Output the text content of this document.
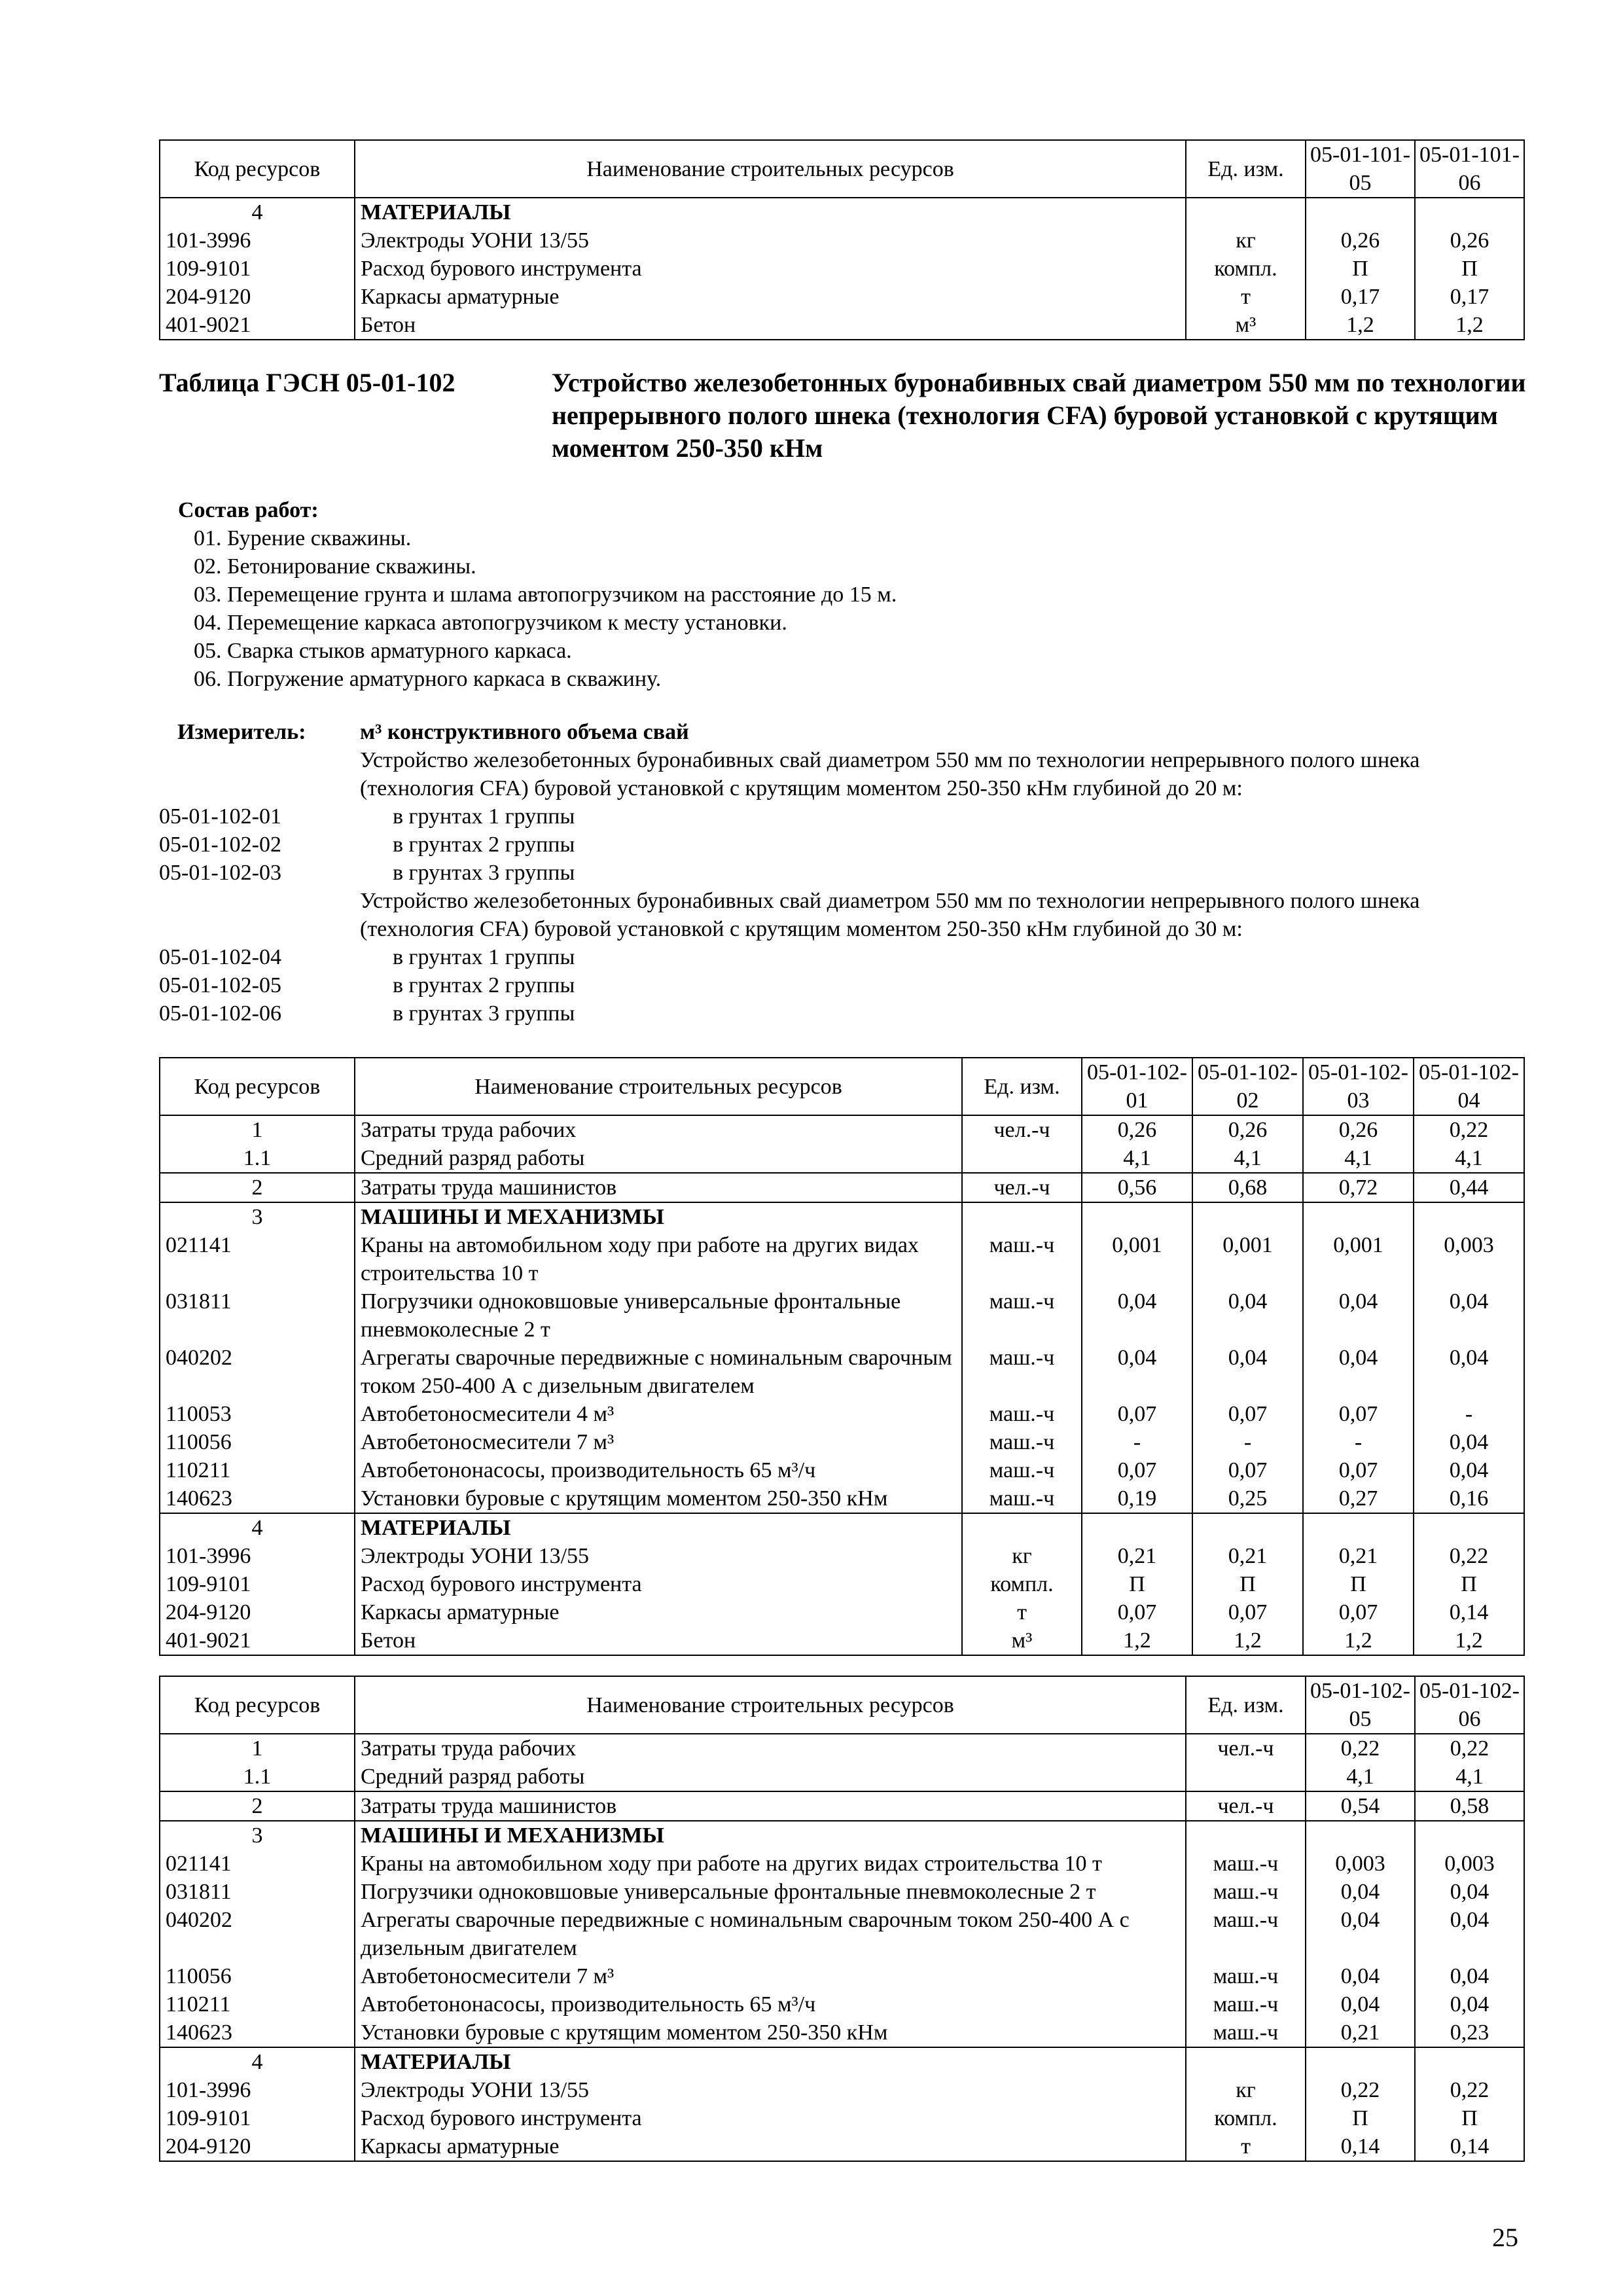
Код ресурсов	Наименование строительных ресурсов	Ед. изм.	05-01-101-05	05-01-101-06
4	МАТЕРИАЛЫ			
101-3996	Электроды УОНИ 13/55	кг	0,26	0,26
109-9101	Расход бурового инструмента	компл.	П	П
204-9120	Каркасы арматурные	т	0,17	0,17
401-9021	Бетон	м³	1,2	1,2
Таблица ГЭСН 05-01-102	Устройство железобетонных буронабивных свай диаметром 550 мм по технологии непрерывного полого шнека (технология CFA) буровой установкой с крутящим моментом 250-350 кНм
Состав работ:
01. Бурение скважины.
02. Бетонирование скважины.
03. Перемещение грунта и шлама автопогрузчиком на расстояние до 15 м.
04. Перемещение каркаса автопогрузчиком к месту установки.
05. Сварка стыков арматурного каркаса.
06. Погружение арматурного каркаса в скважину.
Измеритель: м³ конструктивного объема свай
Устройство железобетонных буронабивных свай диаметром 550 мм по технологии непрерывного полого шнека (технология CFA) буровой установкой с крутящим моментом 250-350 кНм глубиной до 20 м:
05-01-102-01	в грунтах 1 группы
05-01-102-02	в грунтах 2 группы
05-01-102-03	в грунтах 3 группы
Устройство железобетонных буронабивных свай диаметром 550 мм по технологии непрерывного полого шнека (технология CFA) буровой установкой с крутящим моментом 250-350 кНм глубиной до 30 м:
05-01-102-04	в грунтах 1 группы
05-01-102-05	в грунтах 2 группы
05-01-102-06	в грунтах 3 группы
Код ресурсов	Наименование строительных ресурсов	Ед. изм.	05-01-102-01	05-01-102-02	05-01-102-03	05-01-102-04
1	Затраты труда рабочих	чел.-ч	0,26	0,26	0,26	0,22
1.1	Средний разряд работы		4,1	4,1	4,1	4,1
2	Затраты труда машинистов	чел.-ч	0,56	0,68	0,72	0,44
3	МАШИНЫ И МЕХАНИЗМЫ					
021141	Краны на автомобильном ходу при работе на других видах строительства 10 т	маш.-ч	0,001	0,001	0,001	0,003
031811	Погрузчики одноковшовые универсальные фронтальные пневмоколесные 2 т	маш.-ч	0,04	0,04	0,04	0,04
040202	Агрегаты сварочные передвижные с номинальным сварочным током 250-400 А с дизельным двигателем	маш.-ч	0,04	0,04	0,04	0,04
110053	Автобетоносмесители 4 м³	маш.-ч	0,07	0,07	0,07	-
110056	Автобетоносмесители 7 м³	маш.-ч	-	-	-	0,04
110211	Автобетононасосы, производительность 65 м³/ч	маш.-ч	0,07	0,07	0,07	0,04
140623	Установки буровые с крутящим моментом 250-350 кНм	маш.-ч	0,19	0,25	0,27	0,16
4	МАТЕРИАЛЫ					
101-3996	Электроды УОНИ 13/55	кг	0,21	0,21	0,21	0,22
109-9101	Расход бурового инструмента	компл.	П	П	П	П
204-9120	Каркасы арматурные	т	0,07	0,07	0,07	0,14
401-9021	Бетон	м³	1,2	1,2	1,2	1,2
Код ресурсов	Наименование строительных ресурсов	Ед. изм.	05-01-102-05	05-01-102-06
1	Затраты труда рабочих	чел.-ч	0,22	0,22
1.1	Средний разряд работы		4,1	4,1
2	Затраты труда машинистов	чел.-ч	0,54	0,58
3	МАШИНЫ И МЕХАНИЗМЫ			
021141	Краны на автомобильном ходу при работе на других видах строительства 10 т	маш.-ч	0,003	0,003
031811	Погрузчики одноковшовые универсальные фронтальные пневмоколесные 2 т	маш.-ч	0,04	0,04
040202	Агрегаты сварочные передвижные с номинальным сварочным током 250-400 А с дизельным двигателем	маш.-ч	0,04	0,04
110056	Автобетоносмесители 7 м³	маш.-ч	0,04	0,04
110211	Автобетононасосы, производительность 65 м³/ч	маш.-ч	0,04	0,04
140623	Установки буровые с крутящим моментом 250-350 кНм	маш.-ч	0,21	0,23
4	МАТЕРИАЛЫ			
101-3996	Электроды УОНИ 13/55	кг	0,22	0,22
109-9101	Расход бурового инструмента	компл.	П	П
204-9120	Каркасы арматурные	т	0,14	0,14
25
